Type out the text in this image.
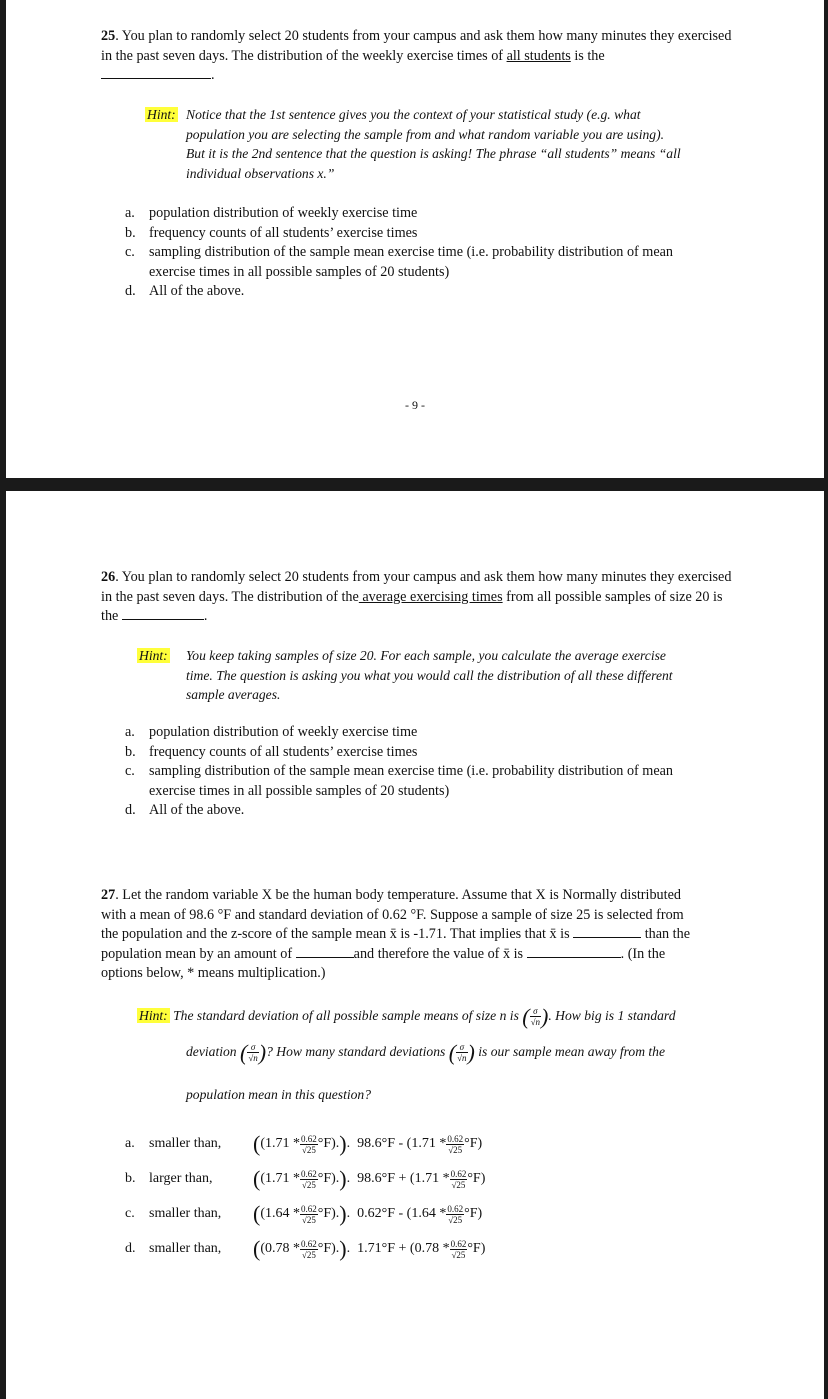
25. You plan to randomly select 20 students from your campus and ask them how many minutes they exercised in the past seven days. The distribution of the weekly exercise times of all students is the
.
Hint: Notice that the 1st sentence gives you the context of your statistical study (e.g. what
population you are selecting the sample from and what random variable you are using).
But it is the 2nd sentence that the question is asking! The phrase “all students” means “all
individual observations x.”
a. population distribution of weekly exercise time
b. frequency counts of all students’ exercise times
c. sampling distribution of the sample mean exercise time (i.e. probability distribution of mean exercise times in all possible samples of 20 students)
d. All of the above.
- 9 -
26. You plan to randomly select 20 students from your campus and ask them how many minutes they exercised in the past seven days. The distribution of the average exercising times from all possible samples of size 20 is the	.
Hint: You keep taking samples of size 20. For each sample, you calculate the average exercise
time. The question is asking you what you would call the distribution of all these different
sample averages.
a. population distribution of weekly exercise time
b. frequency counts of all students’ exercise times
c. sampling distribution of the sample mean exercise time (i.e. probability distribution of mean exercise times in all possible samples of 20 students)
d. All of the above.
27. Let the random variable X be the human body temperature. Assume that X is Normally distributed
with a mean of 98.6 °F and standard deviation of 0.62 °F. Suppose a sample of size 25 is selected from
the population and the z-score of the sample mean x̄ is -1.71. That implies that x̄ is	than the
population mean by an amount of	and therefore the value of x̄ is	. (In the
options below, * means multiplication.)
Hint: The standard deviation of all possible sample means of size n is ( $\frac{\sigma}{√n}$ ). How big is 1 standard
deviation ( $\frac{\sigma}{√n}$ )? How many standard deviations ( $\frac{\sigma}{√n}$ ) is our sample mean away from the
population mean in this question?
a. smaller than, $((1.71 * \frac{0.62}{√25} ^\circ F).)$.  $98.6^\circ F - (1.71 * \frac{0.62}{√25} ^\circ F)$
b. larger than, $((1.71 * \frac{0.62}{√25} ^\circ F).)$.  $98.6^\circ F + (1.71 * \frac{0.62}{√25} ^\circ F)$
c. smaller than, $((1.64 * \frac{0.62}{√25} ^\circ F).)$.  $0.62^\circ F - (1.64 * \frac{0.62}{√25} ^\circ F)$
d. smaller than, $((0.78 * \frac{0.62}{√25} ^\circ F).)$.  $1.71^\circ F + (0.78 * \frac{0.62}{√25} ^\circ F)$
